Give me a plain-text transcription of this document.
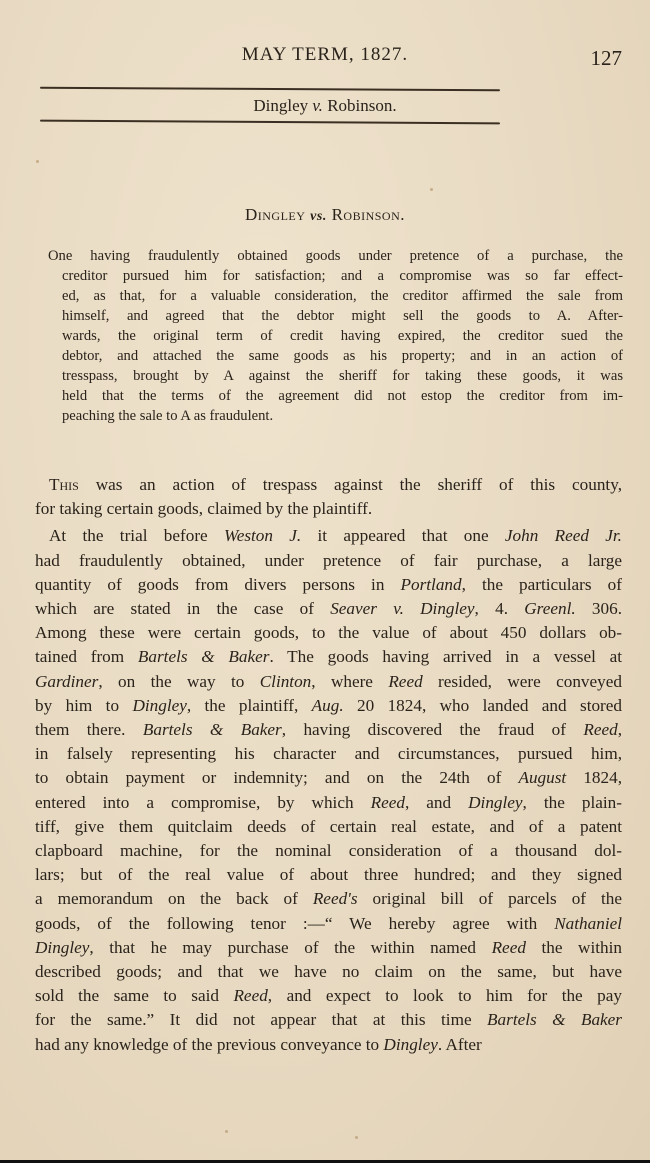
MAY TERM, 1827.	127
Dingley v. Robinson.
Dingley vs. Robinson.
One having fraudulently obtained goods under pretence of a purchase, the
creditor pursued him for satisfaction; and a compromise was so far effect-
ed, as that, for a valuable consideration, the creditor affirmed the sale from
himself, and agreed that the debtor might sell the goods to A. After-
wards, the original term of credit having expired, the creditor sued the
debtor, and attached the same goods as his property; and in an action of
tresspass, brought by A against the sheriff for taking these goods, it was
held that the terms of the agreement did not estop the creditor from im-
peaching the sale to A as fraudulent.

This was an action of trespass against the sheriff of this county,
for taking certain goods, claimed by the plaintiff.

At the trial before Weston J. it appeared that one John Reed Jr.
had fraudulently obtained, under pretence of fair purchase, a large
quantity of goods from divers persons in Portland, the particulars of
which are stated in the case of Seaver v. Dingley, 4. Greenl. 306.
Among these were certain goods, to the value of about 450 dollars ob-
tained from Bartels & Baker. The goods having arrived in a vessel at
Gardiner, on the way to Clinton, where Reed resided, were conveyed
by him to Dingley, the plaintiff, Aug. 20 1824, who landed and stored
them there. Bartels & Baker, having discovered the fraud of Reed,
in falsely representing his character and circumstances, pursued him,
to obtain payment or indemnity; and on the 24th of August 1824,
entered into a compromise, by which Reed, and Dingley, the plain-
tiff, give them quitclaim deeds of certain real estate, and of a patent
clapboard machine, for the nominal consideration of a thousand dol-
lars; but of the real value of about three hundred; and they signed
a memorandum on the back of Reed's original bill of parcels of the
goods, of the following tenor :—“ We hereby agree with Nathaniel
Dingley, that he may purchase of the within named Reed the within
described goods; and that we have no claim on the same, but have
sold the same to said Reed, and expect to look to him for the pay
for the same.” It did not appear that at this time Bartels & Baker
had any knowledge of the previous conveyance to Dingley. After
